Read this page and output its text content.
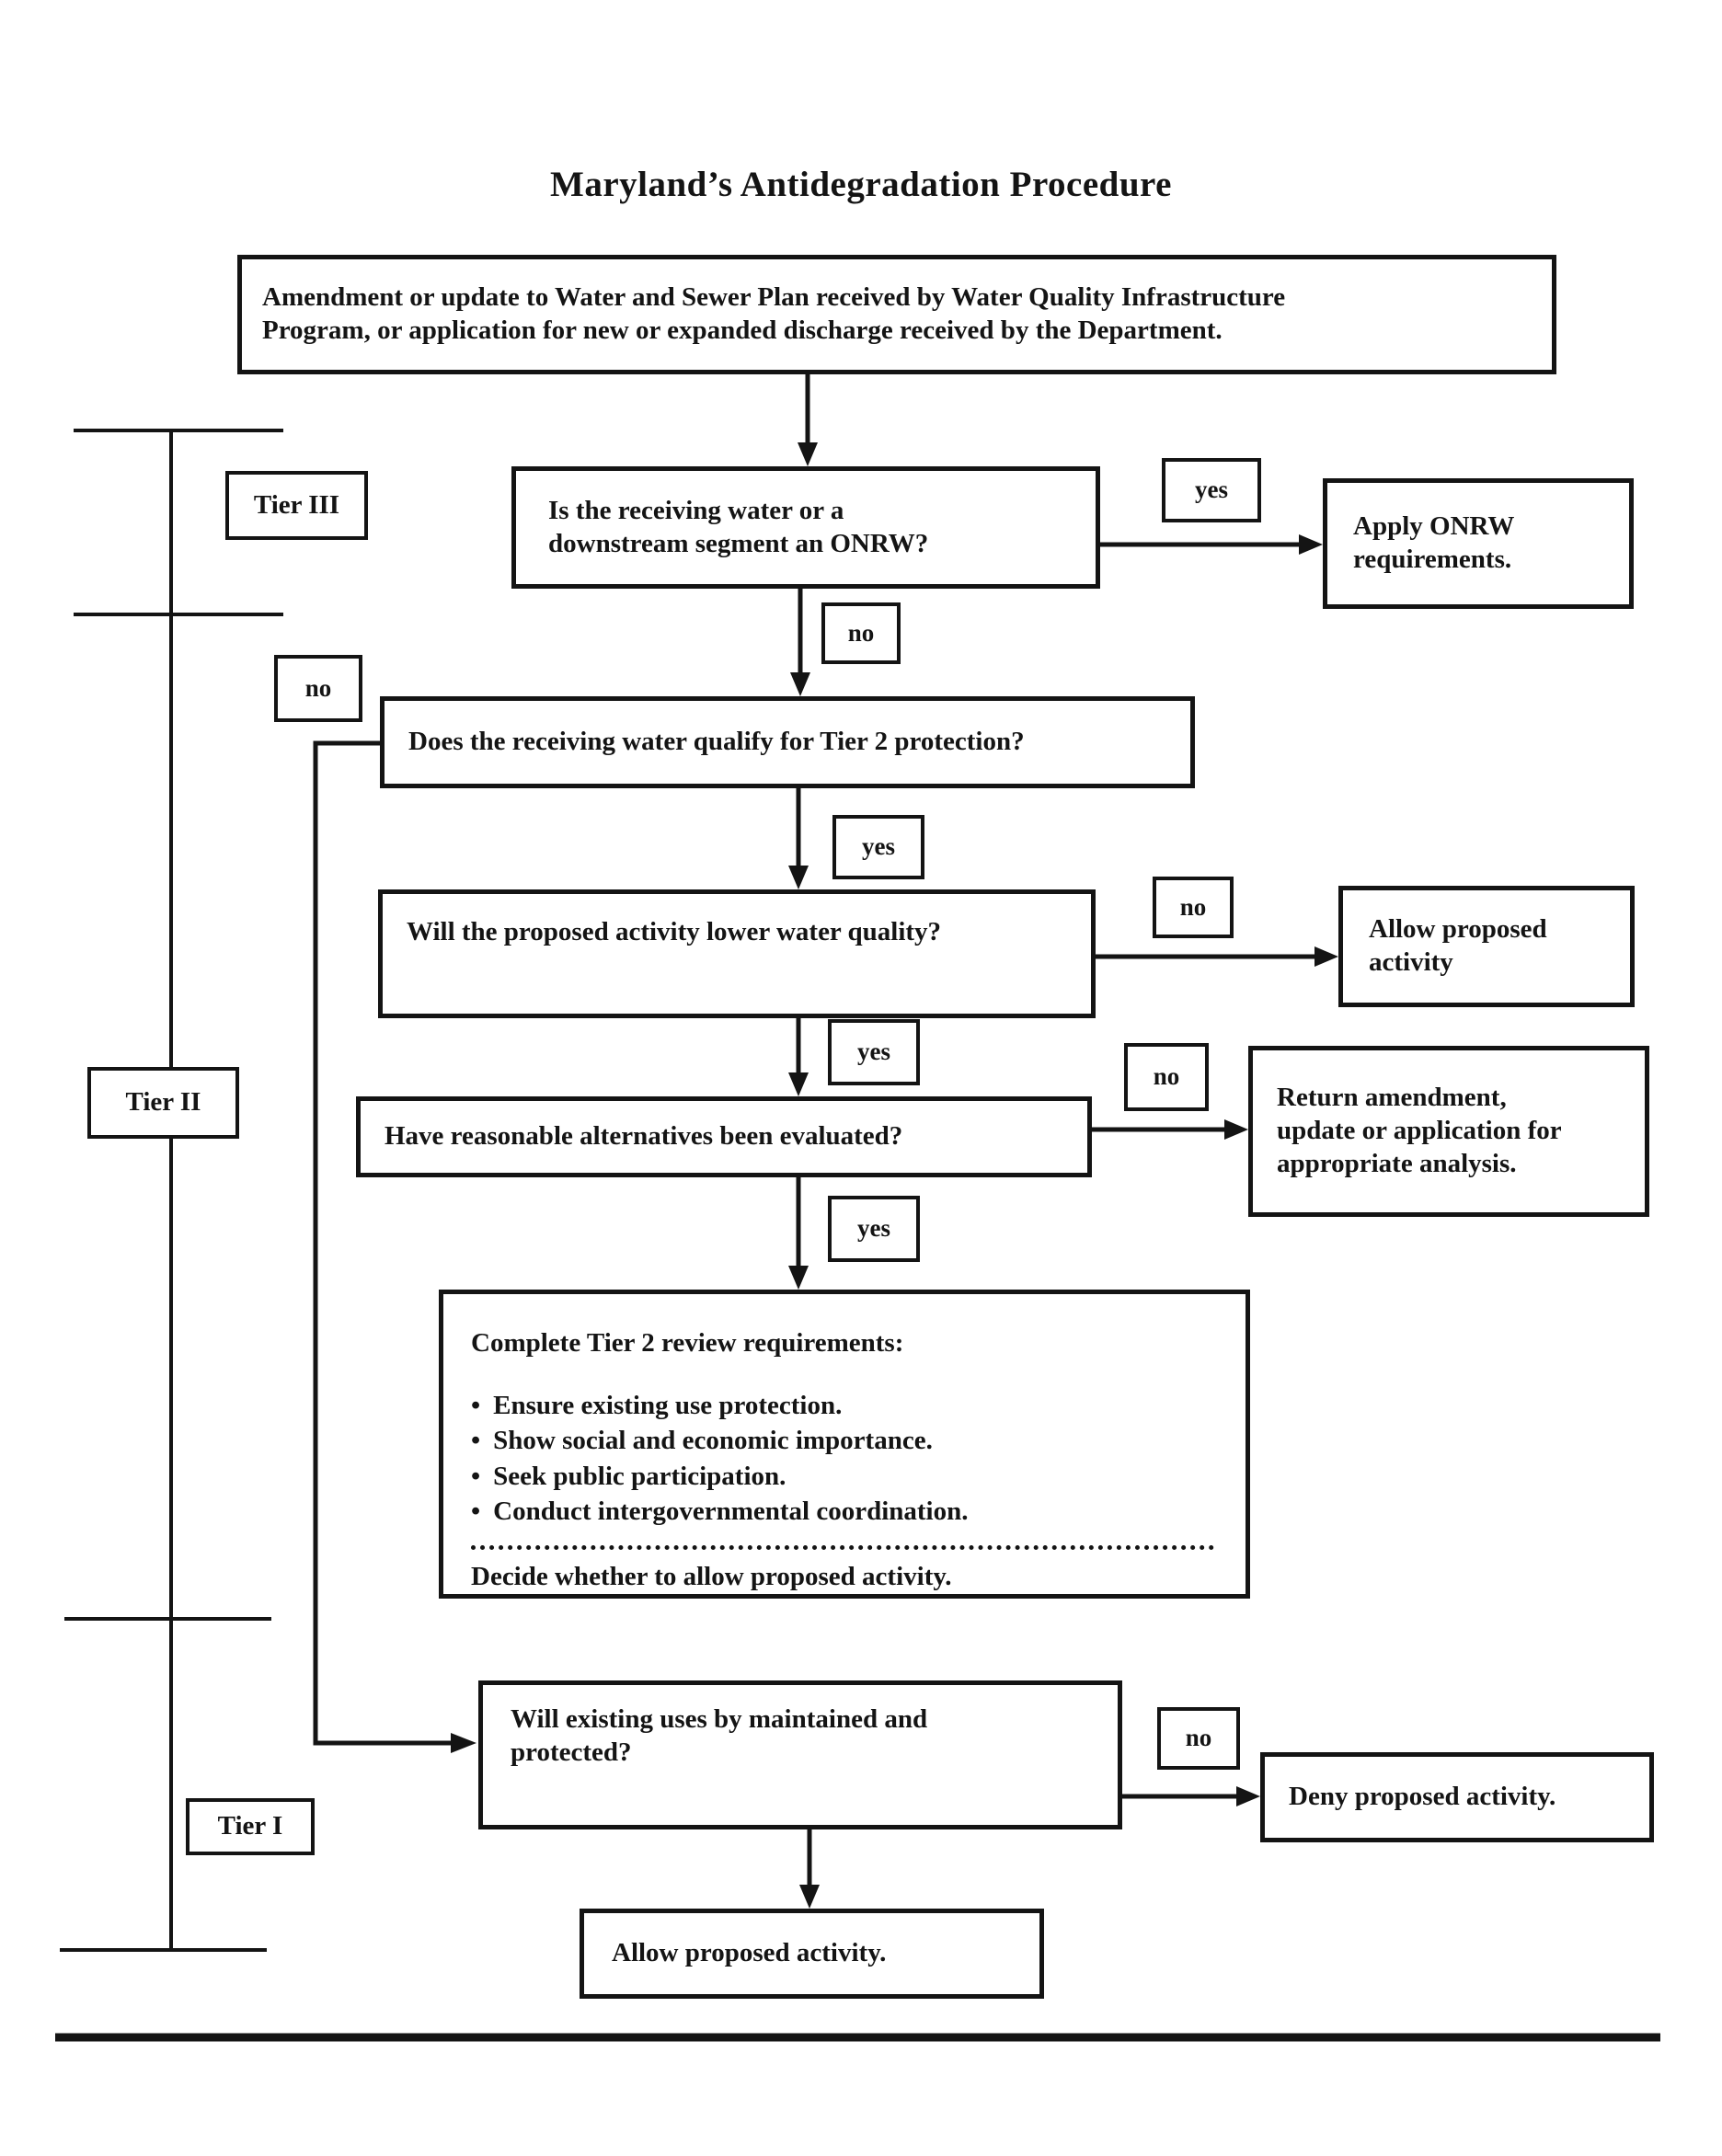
Maryland’s Antidegradation Procedure
Amendment or update to Water and Sewer Plan received by Water Quality Infrastructure
Program, or application for new or expanded discharge received by the Department.
Tier III
Tier II
Tier I
Is the receiving water or a
downstream segment an ONRW?
yes
Apply ONRW
requirements.
no
no
Does the receiving water qualify for Tier 2 protection?
yes
Will the proposed activity lower water quality?
no
Allow proposed
activity
yes
Have reasonable alternatives been evaluated?
no
Return amendment,
update or application for
appropriate analysis.
yes
Complete Tier 2 review requirements:
• Ensure existing use protection.
• Show social and economic importance.
• Seek public participation.
• Conduct intergovernmental coordination.
Decide whether to allow proposed activity.
Will existing uses by maintained and
protected?	no
Deny proposed activity.
Allow proposed activity.
